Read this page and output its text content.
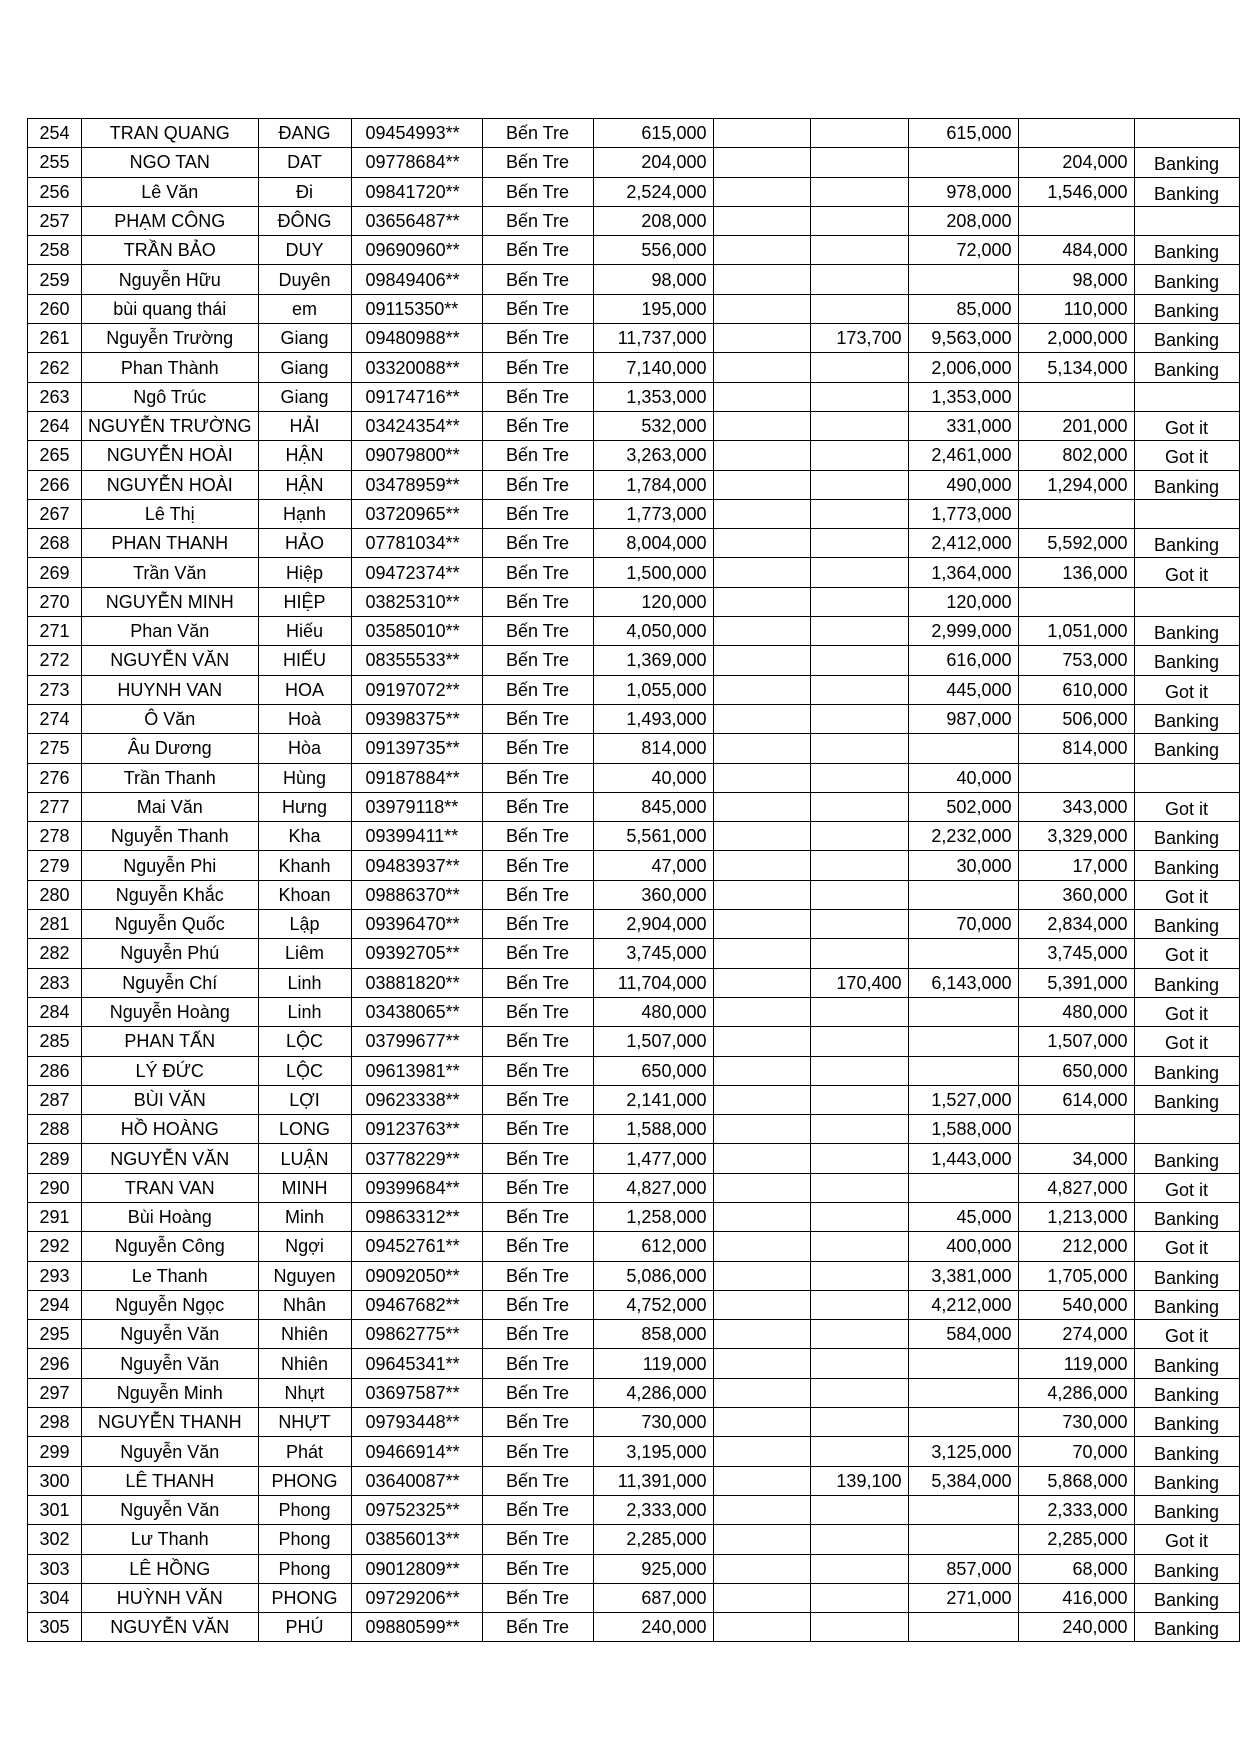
254	TRAN QUANG	ĐANG	09454993**	Bến Tre	615,000			615,000		
255	NGO TAN	DAT	09778684**	Bến Tre	204,000				204,000	Banking
256	Lê Văn	Đi	09841720**	Bến Tre	2,524,000			978,000	1,546,000	Banking
257	PHẠM CÔNG	ĐÔNG	03656487**	Bến Tre	208,000			208,000		
258	TRẦN BẢO	DUY	09690960**	Bến Tre	556,000			72,000	484,000	Banking
259	Nguyễn Hữu	Duyên	09849406**	Bến Tre	98,000				98,000	Banking
260	bùi quang thái	em	09115350**	Bến Tre	195,000			85,000	110,000	Banking
261	Nguyễn Trường	Giang	09480988**	Bến Tre	11,737,000		173,700	9,563,000	2,000,000	Banking
262	Phan Thành	Giang	03320088**	Bến Tre	7,140,000			2,006,000	5,134,000	Banking
263	Ngô Trúc	Giang	09174716**	Bến Tre	1,353,000			1,353,000		
264	NGUYỄN TRƯỜNG	HẢI	03424354**	Bến Tre	532,000			331,000	201,000	Got it
265	NGUYỄN HOÀI	HẬN	09079800**	Bến Tre	3,263,000			2,461,000	802,000	Got it
266	NGUYỄN HOÀI	HẬN	03478959**	Bến Tre	1,784,000			490,000	1,294,000	Banking
267	Lê Thị	Hạnh	03720965**	Bến Tre	1,773,000			1,773,000		
268	PHAN THANH	HẢO	07781034**	Bến Tre	8,004,000			2,412,000	5,592,000	Banking
269	Trần Văn	Hiệp	09472374**	Bến Tre	1,500,000			1,364,000	136,000	Got it
270	NGUYỄN MINH	HIỆP	03825310**	Bến Tre	120,000			120,000		
271	Phan Văn	Hiếu	03585010**	Bến Tre	4,050,000			2,999,000	1,051,000	Banking
272	NGUYỄN VĂN	HIẾU	08355533**	Bến Tre	1,369,000			616,000	753,000	Banking
273	HUYNH VAN	HOA	09197072**	Bến Tre	1,055,000			445,000	610,000	Got it
274	Ô Văn	Hoà	09398375**	Bến Tre	1,493,000			987,000	506,000	Banking
275	Âu Dương	Hòa	09139735**	Bến Tre	814,000				814,000	Banking
276	Trần Thanh	Hùng	09187884**	Bến Tre	40,000			40,000		
277	Mai Văn	Hưng	03979118**	Bến Tre	845,000			502,000	343,000	Got it
278	Nguyễn Thanh	Kha	09399411**	Bến Tre	5,561,000			2,232,000	3,329,000	Banking
279	Nguyễn Phi	Khanh	09483937**	Bến Tre	47,000			30,000	17,000	Banking
280	Nguyễn Khắc	Khoan	09886370**	Bến Tre	360,000				360,000	Got it
281	Nguyễn Quốc	Lập	09396470**	Bến Tre	2,904,000			70,000	2,834,000	Banking
282	Nguyễn Phú	Liêm	09392705**	Bến Tre	3,745,000				3,745,000	Got it
283	Nguyễn Chí	Linh	03881820**	Bến Tre	11,704,000		170,400	6,143,000	5,391,000	Banking
284	Nguyễn Hoàng	Linh	03438065**	Bến Tre	480,000				480,000	Got it
285	PHAN TẤN	LỘC	03799677**	Bến Tre	1,507,000				1,507,000	Got it
286	LÝ ĐỨC	LỘC	09613981**	Bến Tre	650,000				650,000	Banking
287	BÙI VĂN	LỢI	09623338**	Bến Tre	2,141,000			1,527,000	614,000	Banking
288	HỒ HOÀNG	LONG	09123763**	Bến Tre	1,588,000			1,588,000		
289	NGUYỄN VĂN	LUẬN	03778229**	Bến Tre	1,477,000			1,443,000	34,000	Banking
290	TRAN VAN	MINH	09399684**	Bến Tre	4,827,000				4,827,000	Got it
291	Bùi Hoàng	Minh	09863312**	Bến Tre	1,258,000			45,000	1,213,000	Banking
292	Nguyễn Công	Ngợi	09452761**	Bến Tre	612,000			400,000	212,000	Got it
293	Le Thanh	Nguyen	09092050**	Bến Tre	5,086,000			3,381,000	1,705,000	Banking
294	Nguyễn Ngọc	Nhân	09467682**	Bến Tre	4,752,000			4,212,000	540,000	Banking
295	Nguyễn Văn	Nhiên	09862775**	Bến Tre	858,000			584,000	274,000	Got it
296	Nguyễn Văn	Nhiên	09645341**	Bến Tre	119,000				119,000	Banking
297	Nguyễn Minh	Nhựt	03697587**	Bến Tre	4,286,000				4,286,000	Banking
298	NGUYỄN THANH	NHỰT	09793448**	Bến Tre	730,000				730,000	Banking
299	Nguyễn Văn	Phát	09466914**	Bến Tre	3,195,000			3,125,000	70,000	Banking
300	LÊ THANH	PHONG	03640087**	Bến Tre	11,391,000		139,100	5,384,000	5,868,000	Banking
301	Nguyễn Văn	Phong	09752325**	Bến Tre	2,333,000				2,333,000	Banking
302	Lư Thanh	Phong	03856013**	Bến Tre	2,285,000				2,285,000	Got it
303	LÊ HỒNG	Phong	09012809**	Bến Tre	925,000			857,000	68,000	Banking
304	HUỲNH VĂN	PHONG	09729206**	Bến Tre	687,000			271,000	416,000	Banking
305	NGUYỄN VĂN	PHÚ	09880599**	Bến Tre	240,000				240,000	Banking
